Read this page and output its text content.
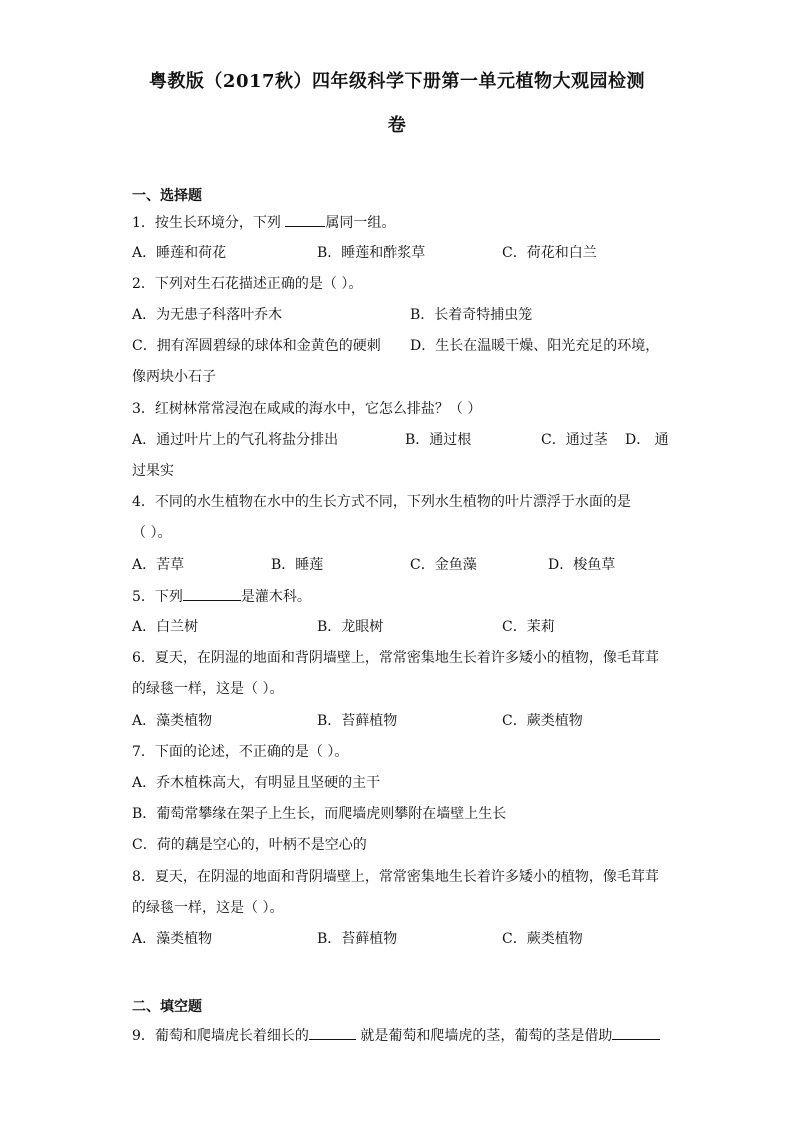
粤教版（2017秋）四年级科学下册第一单元植物大观园检测
卷
一、选择题
1．按生长环境分，下列	属同一组。
A．睡莲和荷花	B．睡莲和酢浆草	C．荷花和白兰
2．下列对生石花描述正确的是（ ）。
A．为无患子科落叶乔木	B．长着奇特捕虫笼
C．拥有浑圆碧绿的球体和金黄色的硬刺 D．生长在温暖干燥、阳光充足的环境，
像两块小石子
3．红树林常常浸泡在咸咸的海水中，它怎么排盐？（ ）
A．通过叶片上的气孔将盐分排出	B．通过根	C．通过茎 D． 通
过果实
4．不同的水生植物在水中的生长方式不同，下列水生植物的叶片漂浮于水面的是
（ ）。
A．苦草	B．睡莲	C．金鱼藻	D．梭鱼草
5．下列	是灌木科。
A．白兰树	B．龙眼树	C．茉莉
6．夏天，在阴湿的地面和背阴墙壁上，常常密集地生长着许多矮小的植物，像毛茸茸
的绿毯一样，这是（ ）。
A．藻类植物	B．苔藓植物	C．蕨类植物
7．下面的论述，不正确的是（ ）。
A．乔木植株高大，有明显且坚硬的主干
B．葡萄常攀缘在架子上生长，而爬墙虎则攀附在墙壁上生长
C．荷的藕是空心的，叶柄不是空心的
8．夏天，在阴湿的地面和背阴墙壁上，常常密集地生长着许多矮小的植物，像毛茸茸
的绿毯一样，这是（ ）。
A．藻类植物	B．苔藓植物	C．蕨类植物
二、填空题
9．葡萄和爬墙虎长着细长的	就是葡萄和爬墙虎的茎，葡萄的茎是借助
